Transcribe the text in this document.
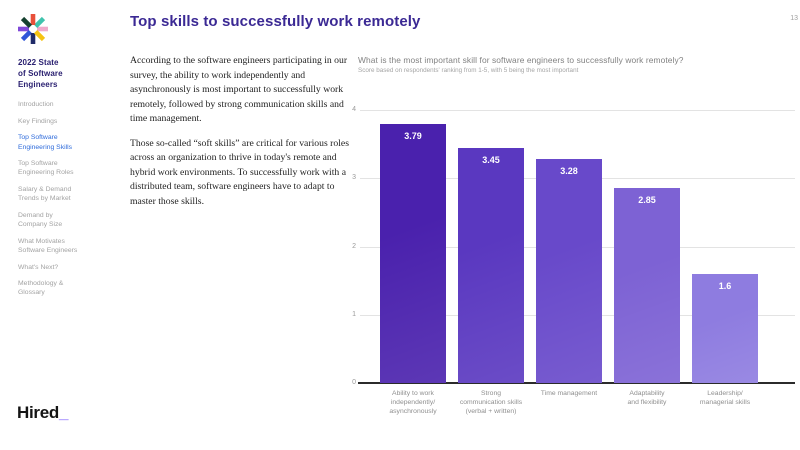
2022 State
of Software
Engineers
Introduction
Key Findings
Top Software
Engineering Skills
Top Software
Engineering Roles
Salary & Demand
Trends by Market
Demand by
Company Size
What Motivates
Software Engineers
What's Next?
Methodology &
Glossary
Hired_
Top skills to successfully work remotely	13

According to the software engineers participating in our survey, the ability to work independently and asynchronously is most important to successfully work remotely, followed by strong communication skills and time management.

Those so-called “soft skills” are critical for various roles across an organization to thrive in today's remote and hybrid work environments. To successfully work with a distributed team, software engineers have to adapt to master those skills.

What is the most important skill for software engineers to successfully work remotely?
Score based on respondents' ranking from 1-5, with 5 being the most important
0
1
2
3
4
3.79
Ability to work
independently/
asynchronously
3.45
Strong
communication skills
(verbal + written)
3.28
Time management
2.85
Adaptability
and flexibility
1.6
Leadership/
managerial skills
